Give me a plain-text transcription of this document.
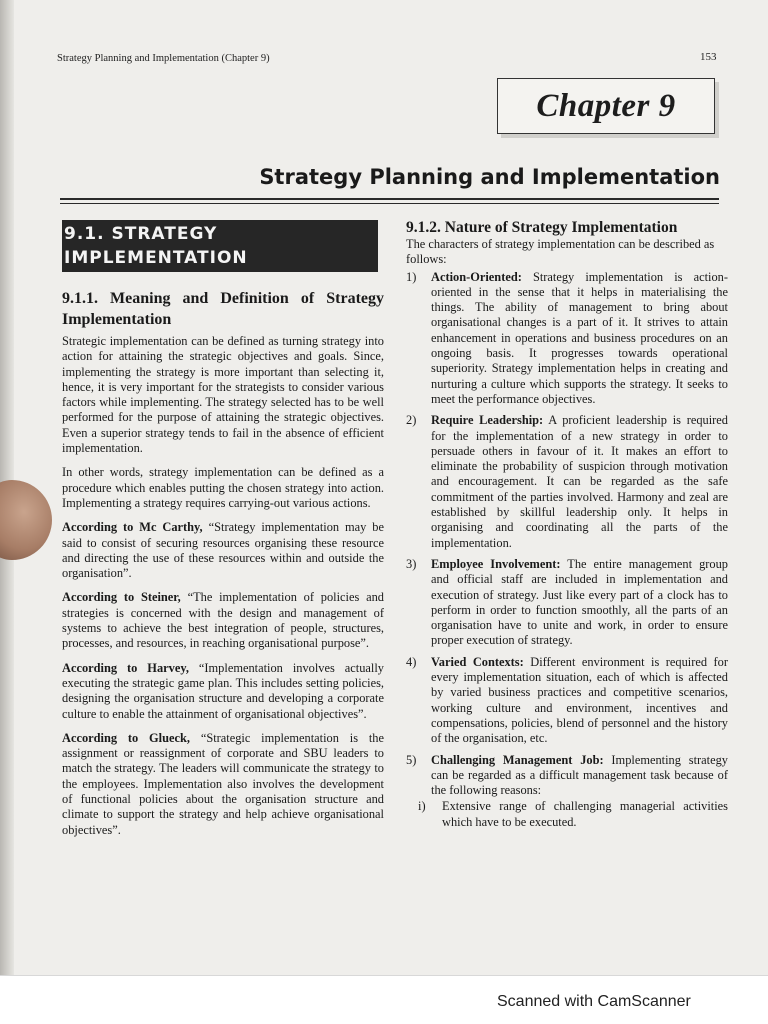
Strategy Planning and Implementation (Chapter 9)	153
Chapter 9
Strategy Planning and Implementation
9.1. STRATEGY
IMPLEMENTATION
9.1.1. Meaning and Definition of Strategy Implementation

Strategic implementation can be defined as turning strategy into action for attaining the strategic objectives and goals. Since, implementing the strategy is more important than selecting it, hence, it is very important for the strategists to consider various factors while implementing. The strategy selected has to be well performed for the purpose of attaining the strategic objectives. Even a superior strategy tends to fail in the absence of efficient implementation.

In other words, strategy implementation can be defined as a procedure which enables putting the chosen strategy into action. Implementing a strategy requires carrying-out various actions.

According to Mc Carthy, “Strategy implementation may be said to consist of securing resources organising these resource and directing the use of these resources within and outside the organisation”.

According to Steiner, “The implementation of policies and strategies is concerned with the design and management of systems to achieve the best integration of people, structures, processes, and resources, in reaching organisational purpose”.

According to Harvey, “Implementation involves actually executing the strategic game plan. This includes setting policies, designing the organisation structure and developing a corporate culture to enable the attainment of organisational objectives”.

According to Glueck, “Strategic implementation is the assignment or reassignment of corporate and SBU leaders to match the strategy. The leaders will communicate the strategy to the employees. Implementation also involves the development of functional policies about the organisation structure and climate to support the strategy and help achieve organisational objectives”.

9.1.2. Nature of Strategy Implementation
The characters of strategy implementation can be described as follows:
1)	Action-Oriented: Strategy implementation is action-oriented in the sense that it helps in materialising the things. The ability of management to bring about organisational changes is a part of it. It strives to attain enhancement in operations and business procedures on an ongoing basis. It progresses towards operational superiority. Strategy implementation helps in creating and nurturing a culture which supports the strategy. It seeks to meet the performance objectives.
2)	Require Leadership: A proficient leadership is required for the implementation of a new strategy in order to persuade others in favour of it. It makes an effort to eliminate the probability of suspicion through motivation and encouragement. It can be regarded as the safe commitment of the parties involved. Harmony and zeal are established by skillful leadership only. It helps in organising and coordinating all the parts of the implementation.
3)	Employee Involvement: The entire management group and official staff are included in implementation and execution of strategy. Just like every part of a clock has to perform in order to function smoothly, all the parts of an organisation have to unite and work, in order to ensure proper execution of strategy.
4)	Varied Contexts: Different environment is required for every implementation situation, each of which is affected by varied business practices and competitive scenarios, working culture and environment, incentives and compensations, policies, blend of personnel and the history of the organisation, etc.
5)	Challenging Management Job: Implementing strategy can be regarded as a difficult management task because of the following reasons:
i)	Extensive range of challenging managerial activities which have to be executed.
Scanned with CamScanner
